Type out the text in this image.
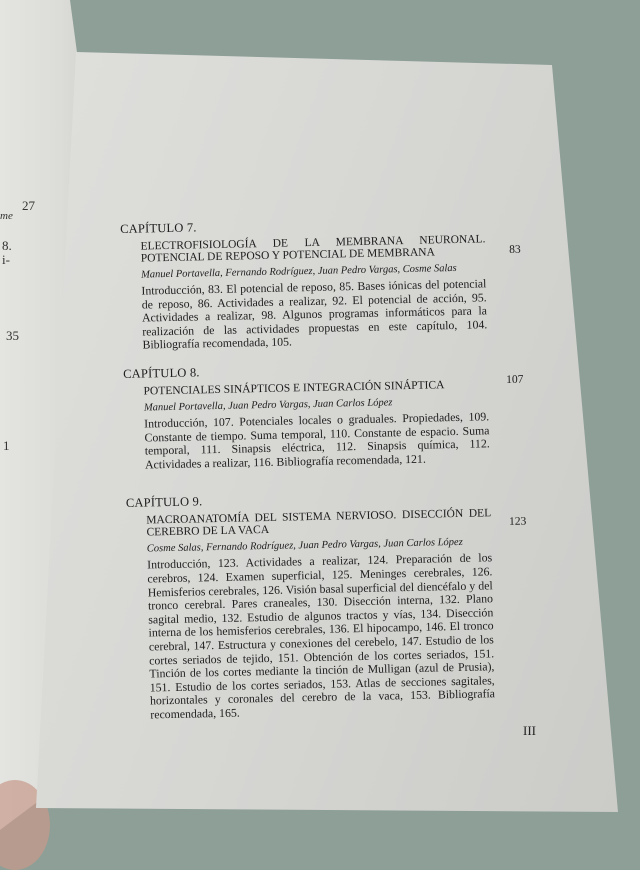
27
me
8.
i-
35
1
CAPÍTULO 7.
83
ELECTROFISIOLOGÍA DE LA MEMBRANA NEURONAL. POTENCIAL DE REPOSO Y POTENCIAL DE MEMBRANA
Manuel Portavella, Fernando Rodríguez, Juan Pedro Vargas, Cosme Salas
Introducción, 83. El potencial de reposo, 85. Bases iónicas del potencial de reposo, 86. Actividades a realizar, 92. El potencial de acción, 95. Actividades a realizar, 98. Algunos programas informáticos para la realización de las actividades propuestas en este capítulo, 104. Bibliografía recomendada, 105.
CAPÍTULO 8.	107
POTENCIALES SINÁPTICOS E INTEGRACIÓN SINÁPTICA
Manuel Portavella, Juan Pedro Vargas, Juan Carlos López
Introducción, 107. Potenciales locales o graduales. Propiedades, 109. Constante de tiempo. Suma temporal, 110. Constante de espacio. Suma temporal, 111. Sinapsis eléctrica, 112. Sinapsis química, 112. Actividades a realizar, 116. Bibliografía recomendada, 121.
CAPÍTULO 9.
123
MACROANATOMÍA DEL SISTEMA NERVIOSO. DISECCIÓN DEL CEREBRO DE LA VACA
Cosme Salas, Fernando Rodríguez, Juan Pedro Vargas, Juan Carlos López
Introducción, 123. Actividades a realizar, 124. Preparación de los cerebros, 124. Examen superficial, 125. Meninges cerebrales, 126. Hemisferios cerebrales, 126. Visión basal superficial del diencéfalo y del tronco cerebral. Pares craneales, 130. Disección interna, 132. Plano sagital medio, 132. Estudio de algunos tractos y vías, 134. Disección interna de los hemisferios cerebrales, 136. El hipocampo, 146. El tronco cerebral, 147. Estructura y conexiones del cerebelo, 147. Estudio de los cortes seriados de tejido, 151. Obtención de los cortes seriados, 151. Tinción de los cortes mediante la tinción de Mulligan (azul de Prusia), 151. Estudio de los cortes seriados, 153. Atlas de secciones sagitales, horizontales y coronales del cerebro de la vaca, 153. Bibliografía recomendada, 165.
III
